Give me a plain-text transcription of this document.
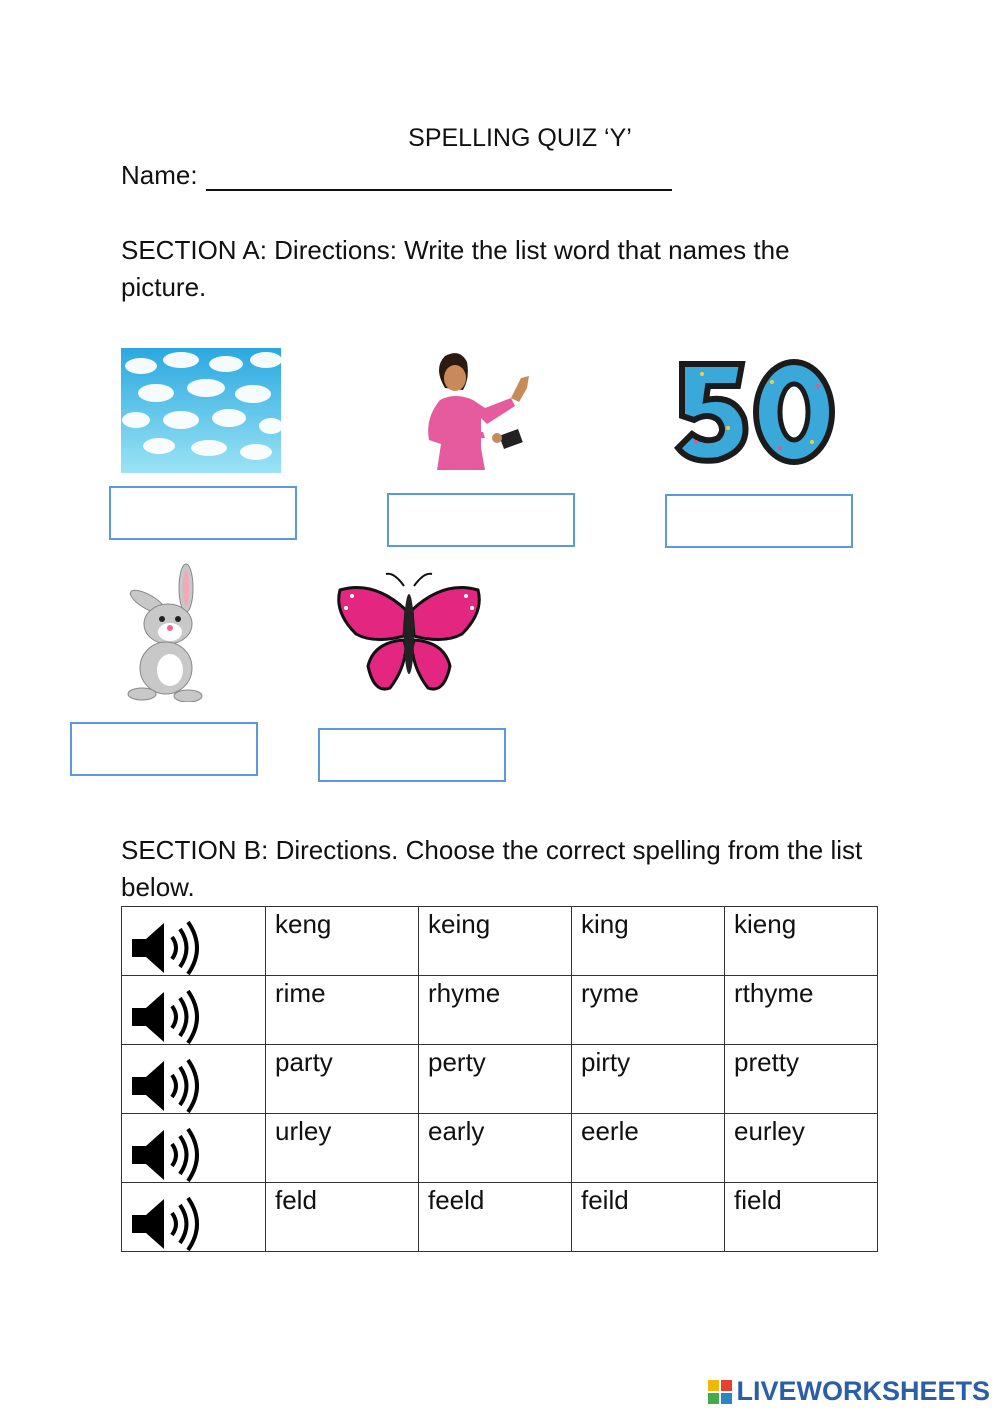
SPELLING QUIZ ‘Y’
Name:
SECTION A: Directions: Write the list word that names the picture.
SECTION B: Directions. Choose the correct spelling from the list below.
	keng	keing	king	kieng

	rime	rhyme	ryme	rthyme

	party	perty	pirty	pretty

	urley	early	eerle	eurley

	feld	feeld	feild	field
LIVEWORKSHEETS
